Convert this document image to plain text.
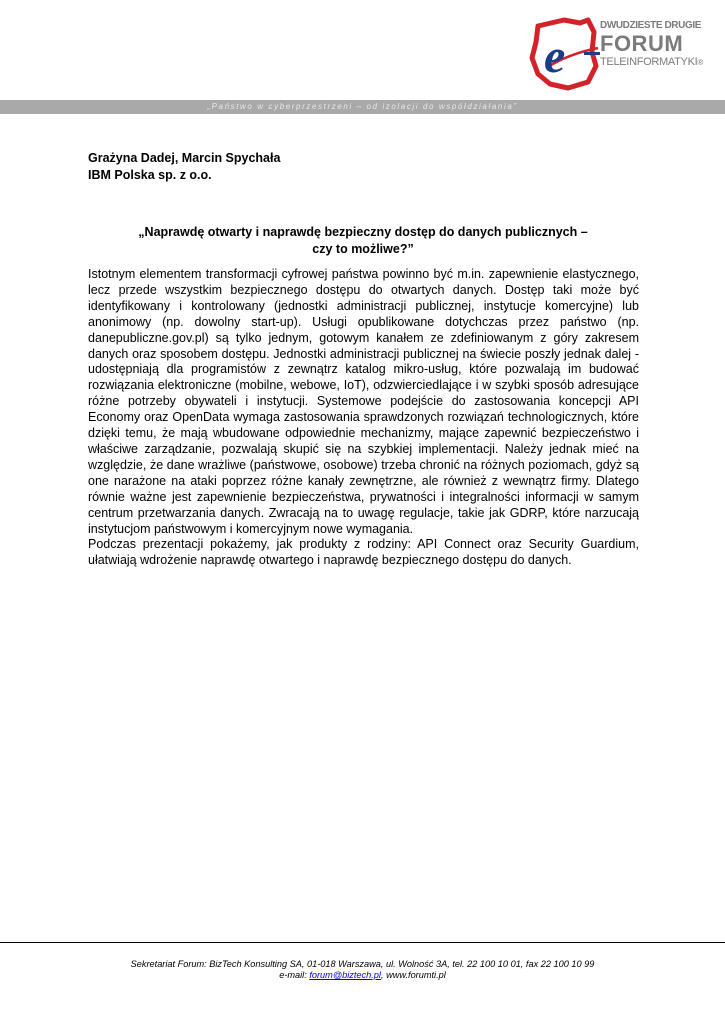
e
DWUDZIESTE DRUGIE
FORUM
TELEINFORMATYKI®
„Państwo w cyberprzestrzeni – od izolacji do współdziałania”
Grażyna Dadej, Marcin Spychała
IBM Polska sp. z o.o.
„Naprawdę otwarty i naprawdę bezpieczny dostęp do danych publicznych –
czy to możliwe?”

Istotnym elementem transformacji cyfrowej państwa powinno być m.in. zapewnienie elastycznego, lecz przede wszystkim bezpiecznego dostępu do otwartych danych. Dostęp taki może być identyfikowany i kontrolowany (jednostki administracji publicznej, instytucje komercyjne) lub anonimowy (np. dowolny start-up). Usługi opublikowane dotychczas przez państwo (np. danepubliczne.gov.pl) są tylko jednym, gotowym kanałem ze zdefiniowanym z góry zakresem danych oraz sposobem dostępu. Jednostki administracji publicznej na świecie poszły jednak dalej - udostępniają dla programistów z zewnątrz katalog mikro-usług, które pozwalają im budować rozwiązania elektroniczne (mobilne, webowe, IoT), odzwierciedlające i w szybki sposób adresujące różne potrzeby obywateli i instytucji. Systemowe podejście do zastosowania koncepcji API Economy oraz OpenData wymaga zastosowania sprawdzonych rozwiązań technologicznych, które dzięki temu, że mają wbudowane odpowiednie mechanizmy, mające zapewnić bezpieczeństwo i właściwe zarządzanie, pozwalają skupić się na szybkiej implementacji. Należy jednak mieć na względzie, że dane wrażliwe (państwowe, osobowe) trzeba chronić na różnych poziomach, gdyż są one narażone na ataki poprzez różne kanały zewnętrzne, ale również z wewnątrz firmy. Dlatego równie ważne jest zapewnienie bezpieczeństwa, prywatności i integralności informacji w samym centrum przetwarzania danych. Zwracają na to uwagę regulacje, takie jak GDRP, które narzucają instytucjom państwowym i komercyjnym nowe wymagania.

Podczas prezentacji pokażemy, jak produkty z rodziny: API Connect oraz Security Guardium, ułatwiają wdrożenie naprawdę otwartego i naprawdę bezpiecznego dostępu do danych.

Sekretariat Forum: BizTech Konsulting SA, 01-018 Warszawa, ul. Wolność 3A, tel. 22 100 10 01, fax 22 100 10 99
e-mail: forum@biztech.pl, www.forumti.pl
